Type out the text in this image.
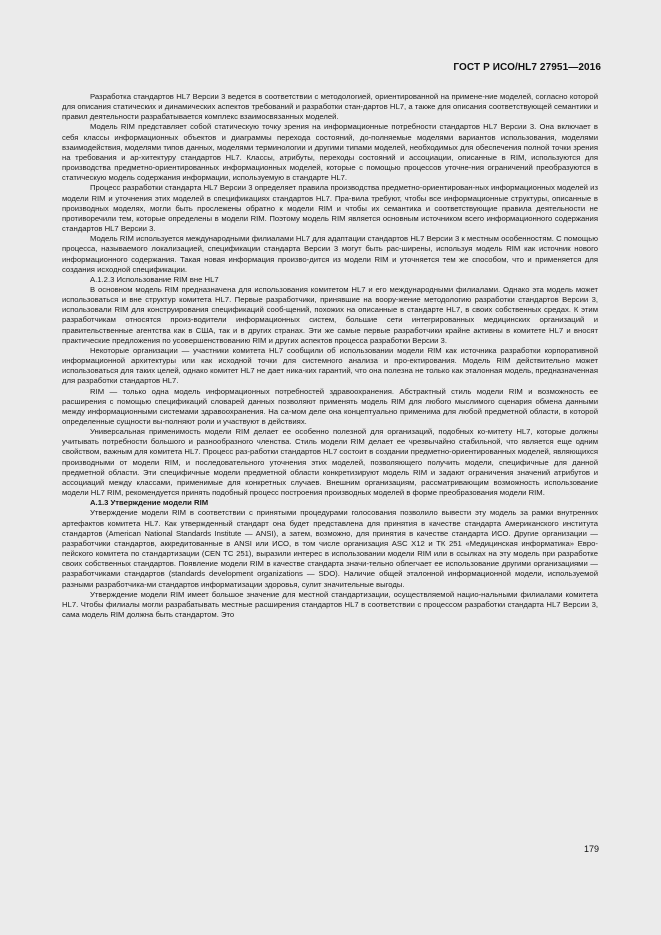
ГОСТ Р ИСО/HL7 27951—2016

Разработка стандартов HL7 Версии 3 ведется в соответствии с методологией, ориентированной на примене-ние моделей, согласно которой для описания статических и динамических аспектов требований и разработки стан-дартов HL7, а также для описания соответствующей семантики и правил деятельности разрабатывается комплекс взаимосвязанных моделей.

Модель RIM представляет собой статическую точку зрения на информационные потребности стандартов HL7 Версии 3. Она включает в себя классы информационных объектов и диаграммы перехода состояний, до-полняемые моделями вариантов использования, моделями взаимодействия, моделями типов данных, моделями терминологии и другими типами моделей, необходимых для обеспечения полной точки зрения на требования и ар-хитектуру стандартов HL7. Классы, атрибуты, переходы состояний и ассоциации, описанные в RIM, используются для производства предметно-ориентированных информационных моделей, которые с помощью процессов уточне-ния ограничений преобразуются в статическую модель содержания информации, используемую в стандарте HL7.

Процесс разработки стандарта HL7 Версии 3 определяет правила производства предметно-ориентирован-ных информационных моделей из модели RIM и уточнения этих моделей в спецификациях стандартов HL7. Пра-вила требуют, чтобы все информационные структуры, описанные в производных моделях, могли быть прослежены обратно к модели RIM и чтобы их семантика и соответствующие правила деятельности не противоречили тем, которые определены в модели RIM. Поэтому модель RIM является основным источником всего информационного содержания стандартов HL7 Версии 3.

Модель RIM используется международными филиалами HL7 для адаптации стандартов HL7 Версии 3 к местным особенностям. С помощью процесса, называемого локализацией, спецификации стандарта Версии 3 могут быть рас-ширены, используя модель RIM как источник нового информационного содержания. Такая новая информация произво-дится из модели RIM и уточняется тем же способом, что и применяется для создания исходной спецификации.

А.1.2.3 Использование RIM вне HL7

В основном модель RIM предназначена для использования комитетом HL7 и его международными филиалами. Однако эта модель может использоваться и вне структур комитета HL7. Первые разработчики, принявшие на воору-жение методологию разработки стандартов Версии 3, использовали RIM для конструирования спецификаций сооб-щений, похожих на описанные в стандарте HL7, в своих собственных средах. К этим разработчикам относятся произ-водители информационных систем, большие сети интегрированных медицинских организаций и правительственные агентства как в США, так и в других странах. Эти же самые первые разработчики крайне активны в комитете HL7 и вносят практические предложения по усовершенствованию RIM и других аспектов процесса разработки Версии 3.

Некоторые организации — участники комитета HL7 сообщили об использовании модели RIM как источника разработки корпоративной информационной архитектуры или как исходной точки для системного анализа и про-ектирования. Модель RIM действительно может использоваться для таких целей, однако комитет HL7 не дает ника-ких гарантий, что она полезна не только как эталонная модель, предназначенная для разработки стандартов HL7.

RIM — только одна модель информационных потребностей здравоохранения. Абстрактный стиль модели RIM и возможность ее расширения с помощью спецификаций словарей данных позволяют применять модель RIM для любого мыслимого сценария обмена данными между информационными системами здравоохранения. На са-мом деле она концептуально применима для любой предметной области, в которой определенные сущности вы-полняют роли и участвуют в действиях.

Универсальная применимость модели RIM делает ее особенно полезной для организаций, подобных ко-митету HL7, которые должны учитывать потребности большого и разнообразного членства. Стиль модели RIM делает ее чрезвычайно стабильной, что является еще одним свойством, важным для комитета HL7. Процесс раз-работки стандартов HL7 состоит в создании предметно-ориентированных моделей, являющихся производными от модели RIM, и последовательного уточнения этих моделей, позволяющего получить модели, специфичные для данной предметной области. Эти специфичные модели предметной области конкретизируют модель RIM и задают ограничения значений атрибутов и ассоциаций между классами, применимые для конкретных случаев. Внешним организациям, рассматривающим возможность использование модели HL7 RIM, рекомендуется принять подобный процесс построения производных моделей в форме преобразования модели RIM.

А.1.3 Утверждение модели RIM

Утверждение модели RIM в соответствии с принятыми процедурами голосования позволило вывести эту модель за рамки внутренних артефактов комитета HL7. Как утвержденный стандарт она будет представлена для принятия в качестве стандарта Американского института стандартов (American National Standards Institute — ANSI), а затем, возможно, для принятия в качестве стандарта ИСО. Другие организации — разработчики стандартов, аккредитованные в ANSI или ИСО, в том числе организация ASC X12 и ТК 251 «Медицинская информатика» Евро-пейского комитета по стандартизации (CEN TC 251), выразили интерес в использовании модели RIM или в ссылках на эту модель при разработке своих собственных стандартов. Появление модели RIM в качестве стандарта значи-тельно облегчает ее использование другими организациями — разработчиками стандартов (standards development organizations — SDO). Наличие общей эталонной информационной модели, используемой разными разработчика-ми стандартов информатизации здоровья, сулит значительные выгоды.

Утверждение модели RIM имеет большое значение для местной стандартизации, осуществляемой нацио-нальными филиалами комитета HL7. Чтобы филиалы могли разрабатывать местные расширения стандартов HL7 в соответствии с процессом разработки стандарта HL7 Версии 3, сама модель RIM должна быть стандартом. Это

179
